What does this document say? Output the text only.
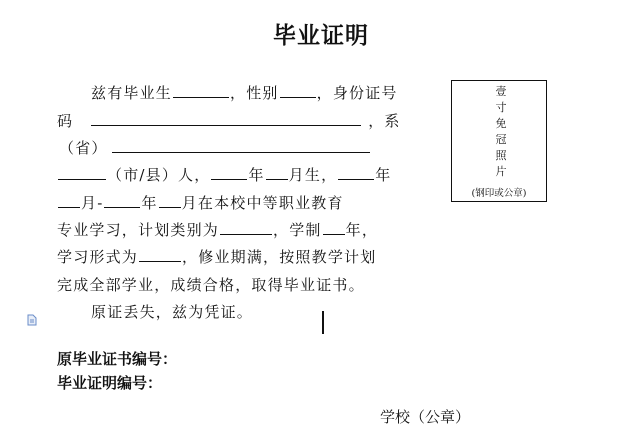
毕业证明
兹有毕业生	，性别	，身份证号
码	，系
（省）
（市/县）人，	年 月生，	年
月-	年 月在本校中等职业教育
专业学习，计划类别为	，学制 年，
学习形式为	，修业期满，按照教学计划
完成全部学业，成绩合格，取得毕业证书。
原证丢失，兹为凭证。
壹寸免冠照片
(钢印或公章)
原毕业证书编号：
毕业证明编号：
学校（公章）
